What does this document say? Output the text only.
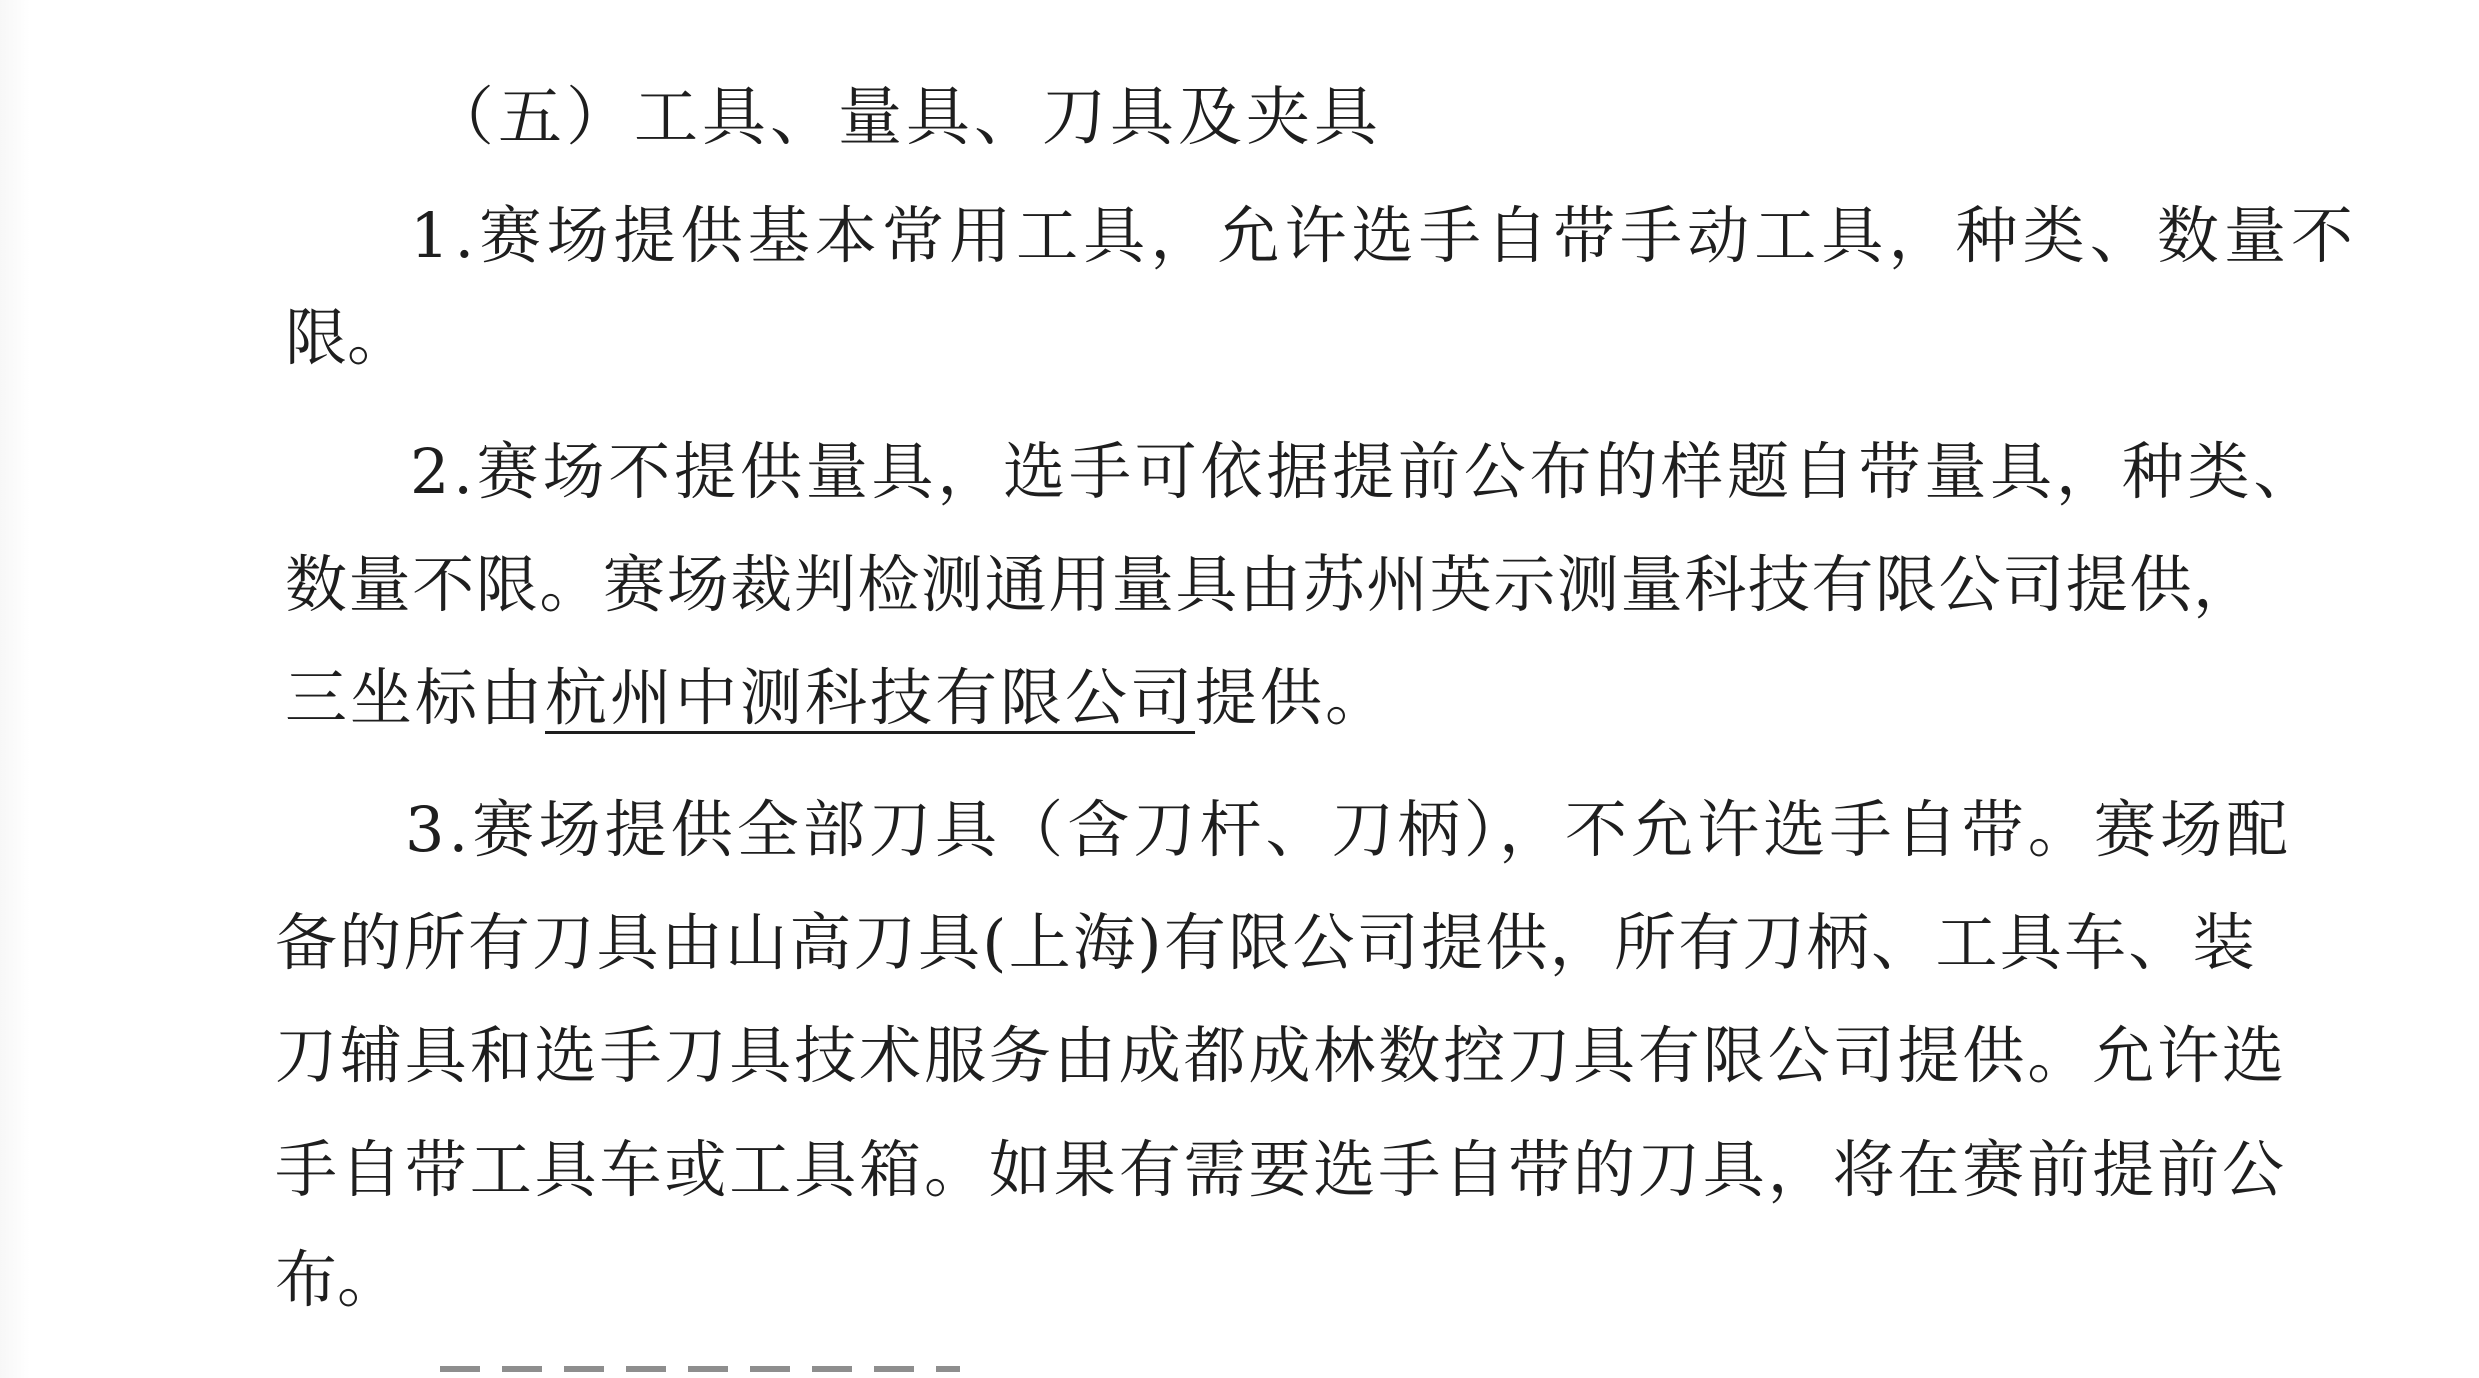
（五）工具、量具、刀具及夹具
1.赛场提供基本常用工具，允许选手自带手动工具，种类、数量不
限。
2.赛场不提供量具，选手可依据提前公布的样题自带量具，种类、
数量不限。赛场裁判检测通用量具由苏州英示测量科技有限公司提供，
三坐标由杭州中测科技有限公司提供。
3.赛场提供全部刀具（含刀杆、刀柄），不允许选手自带。赛场配
备的所有刀具由山高刀具(上海)有限公司提供，所有刀柄、工具车、装
刀辅具和选手刀具技术服务由成都成林数控刀具有限公司提供。允许选
手自带工具车或工具箱。如果有需要选手自带的刀具，将在赛前提前公
布。
